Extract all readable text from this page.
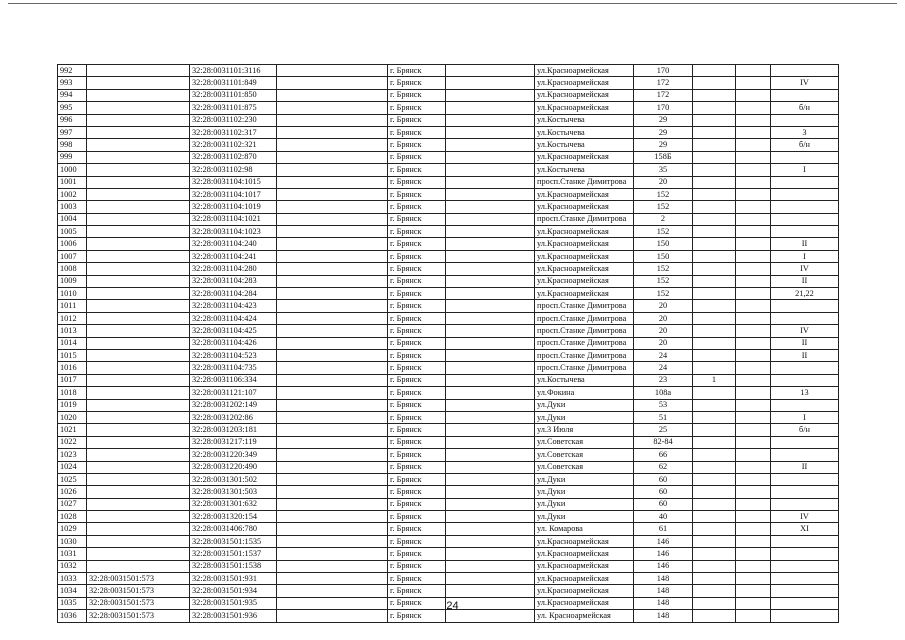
992		32:28:0031101:3116		г. Брянск		ул.Красноармейская	170			
993		32:28:0031101:849		г. Брянск		ул.Красноармейская	172			IV
994		32:28:0031101:850		г. Брянск		ул.Красноармейская	172			
995		32:28:0031101:875		г. Брянск		ул.Красноармейская	170			б/н
996		32:28:0031102:230		г. Брянск		ул.Костычева	29			
997		32:28:0031102:317		г. Брянск		ул.Костычева	29			3
998		32:28:0031102:321		г. Брянск		ул.Костычева	29			б/н
999		32:28:0031102:870		г. Брянск		ул.Красноармейская	158Б			
1000		32:28:0031102:98		г. Брянск		ул.Костычева	35			I
1001		32:28:0031104:1015		г. Брянск		просп.Станке Димитрова	20			
1002		32:28:0031104:1017		г. Брянск		ул.Красноармейская	152			
1003		32:28:0031104:1019		г. Брянск		ул.Красноармейская	152			
1004		32:28:0031104:1021		г. Брянск		просп.Станке Димитрова	2			
1005		32:28:0031104:1023		г. Брянск		ул.Красноармейская	152			
1006		32:28:0031104:240		г. Брянск		ул.Красноармейская	150			II
1007		32:28:0031104:241		г. Брянск		ул.Красноармейская	150			I
1008		32:28:0031104:280		г. Брянск		ул.Красноармейская	152			IV
1009		32:28:0031104:283		г. Брянск		ул.Красноармейская	152			II
1010		32:28:0031104:284		г. Брянск		ул.Красноармейская	152			21,22
1011		32:28:0031104:423		г. Брянск		просп.Станке Димитрова	20			
1012		32:28:0031104:424		г. Брянск		просп.Станке Димитрова	20			
1013		32:28:0031104:425		г. Брянск		просп.Станке Димитрова	20			IV
1014		32:28:0031104:426		г. Брянск		просп.Станке Димитрова	20			II
1015		32:28:0031104:523		г. Брянск		просп.Станке Димитрова	24			II
1016		32:28:0031104:735		г. Брянск		просп.Станке Димитрова	24			
1017		32:28:0031106:334		г. Брянск		ул.Костычева	23	1		
1018		32:28:0031121:107		г. Брянск		ул.Фокина	108а			13
1019		32:28:0031202:149		г. Брянск		ул.Дуки	53			
1020		32:28:0031202:86		г. Брянск		ул.Дуки	51			I
1021		32:28:0031203:181		г. Брянск		ул.3 Июля	25			б/н
1022		32:28:0031217:119		г. Брянск		ул.Советская	82-84			
1023		32:28:0031220:349		г. Брянск		ул.Советская	66			
1024		32:28:0031220:490		г. Брянск		ул.Советская	62			II
1025		32:28:0031301:502		г. Брянск		ул.Дуки	60			
1026		32:28:0031301:503		г. Брянск		ул.Дуки	60			
1027		32:28:0031301:632		г. Брянск		ул.Дуки	60			
1028		32:28:0031320:154		г. Брянск		ул.Дуки	40			IV
1029		32:28:0031406:780		г. Брянск		ул. Комарова	61			XI
1030		32:28:0031501:1535		г. Брянск		ул.Красноармейская	146			
1031		32:28:0031501:1537		г. Брянск		ул.Красноармейская	146			
1032		32:28:0031501:1538		г. Брянск		ул.Красноармейская	146			
1033	32:28:0031501:573	32:28:0031501:931		г. Брянск		ул.Красноармейская	148			
1034	32:28:0031501:573	32:28:0031501:934		г. Брянск		ул.Красноармейская	148			
1035	32:28:0031501:573	32:28:0031501:935		г. Брянск		ул.Красноармейская	148			
1036	32:28:0031501:573	32:28:0031501:936		г. Брянск		ул. Красноармейская	148			
24
